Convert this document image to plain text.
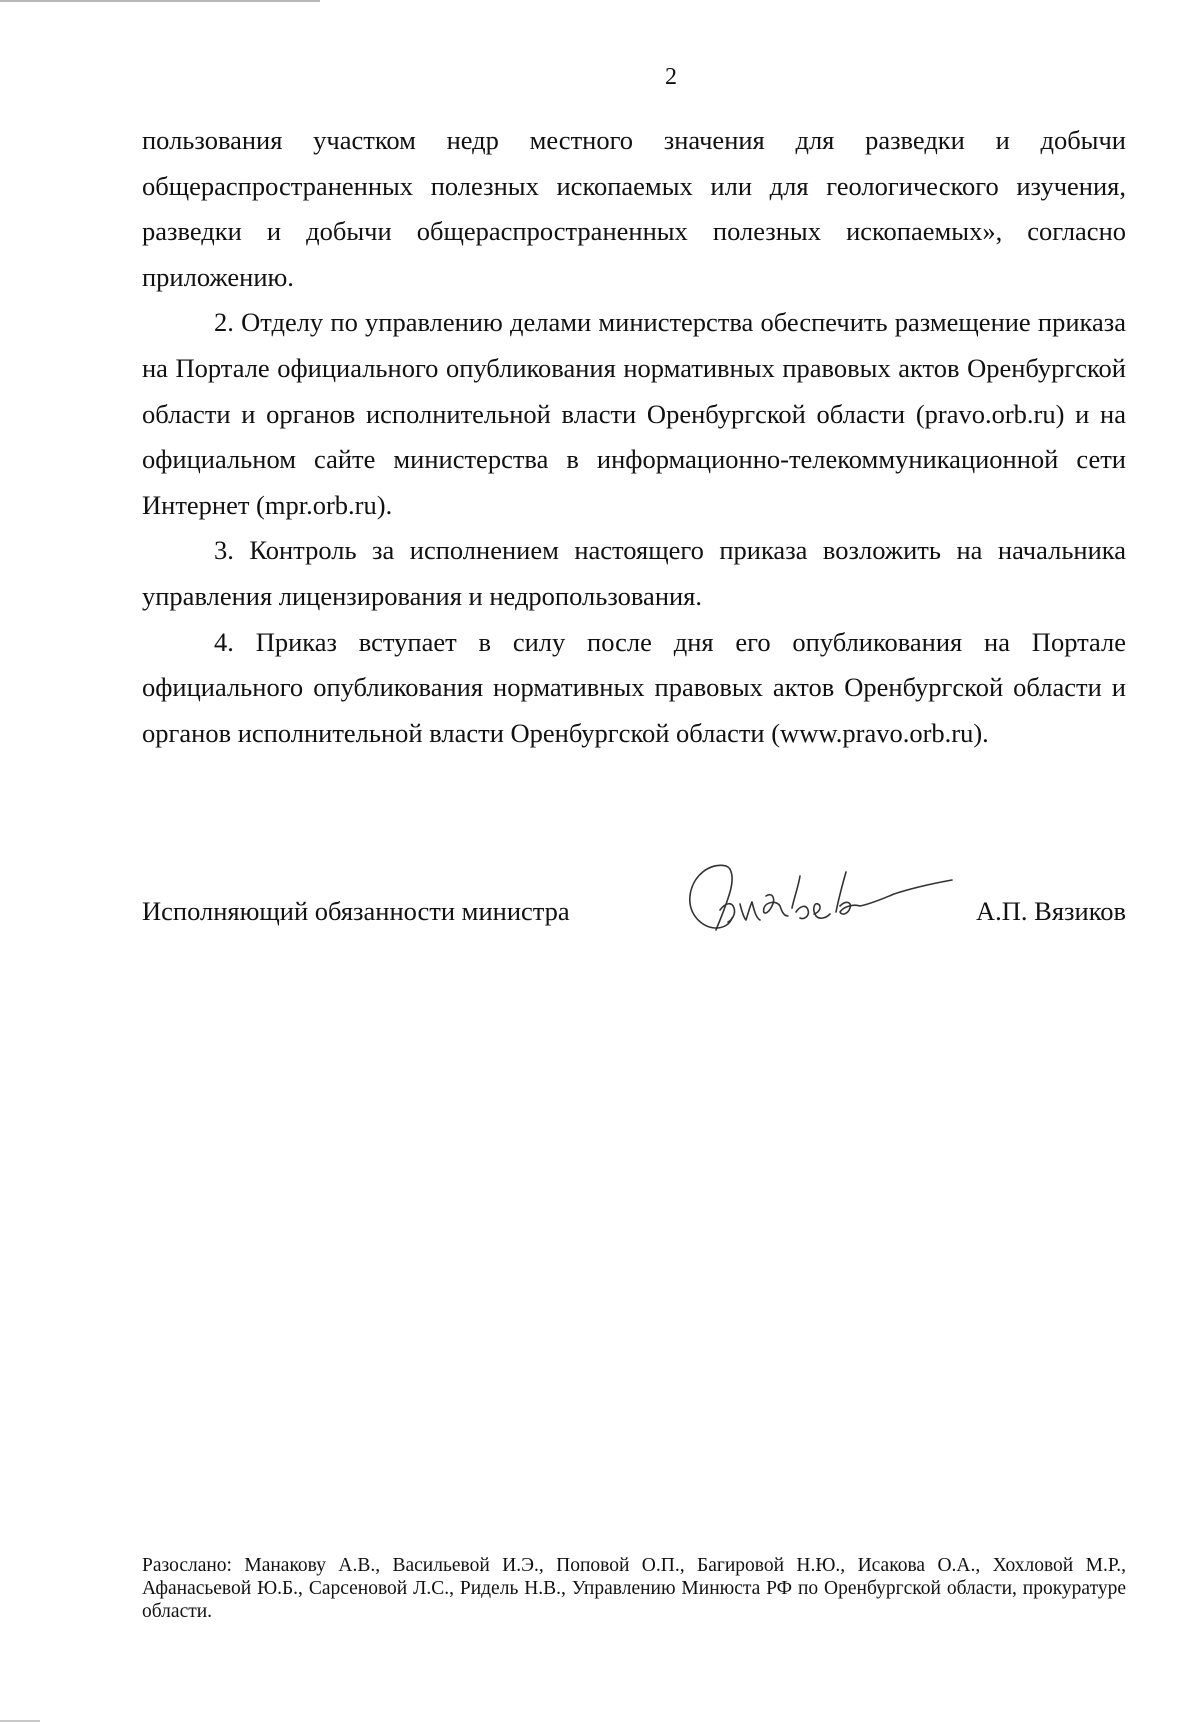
2

пользования участком недр местного значения для разведки и добычи общераспространенных полезных ископаемых или для геологического изучения, разведки и добычи общераспространенных полезных ископаемых», согласно приложению.

2. Отделу по управлению делами министерства обеспечить размещение приказа на Портале официального опубликования нормативных правовых актов Оренбургской области и органов исполнительной власти Оренбургской области (pravo.orb.ru) и на официальном сайте министерства в информационно-телекоммуникационной сети Интернет (mpr.orb.ru).

3. Контроль за исполнением настоящего приказа возложить на начальника управления лицензирования и недропользования.

4. Приказ вступает в силу после дня его опубликования на Портале официального опубликования нормативных правовых актов Оренбургской области и органов исполнительной власти Оренбургской области (www.pravo.orb.ru).

Исполняющий обязанности министра	А.П. Вязиков
Разослано: Манакову А.В., Васильевой И.Э., Поповой О.П., Багировой Н.Ю., Исакова О.А., Хохловой М.Р., Афанасьевой Ю.Б., Сарсеновой Л.С., Ридель Н.В., Управлению Минюста РФ по Оренбургской области, прокуратуре области.
